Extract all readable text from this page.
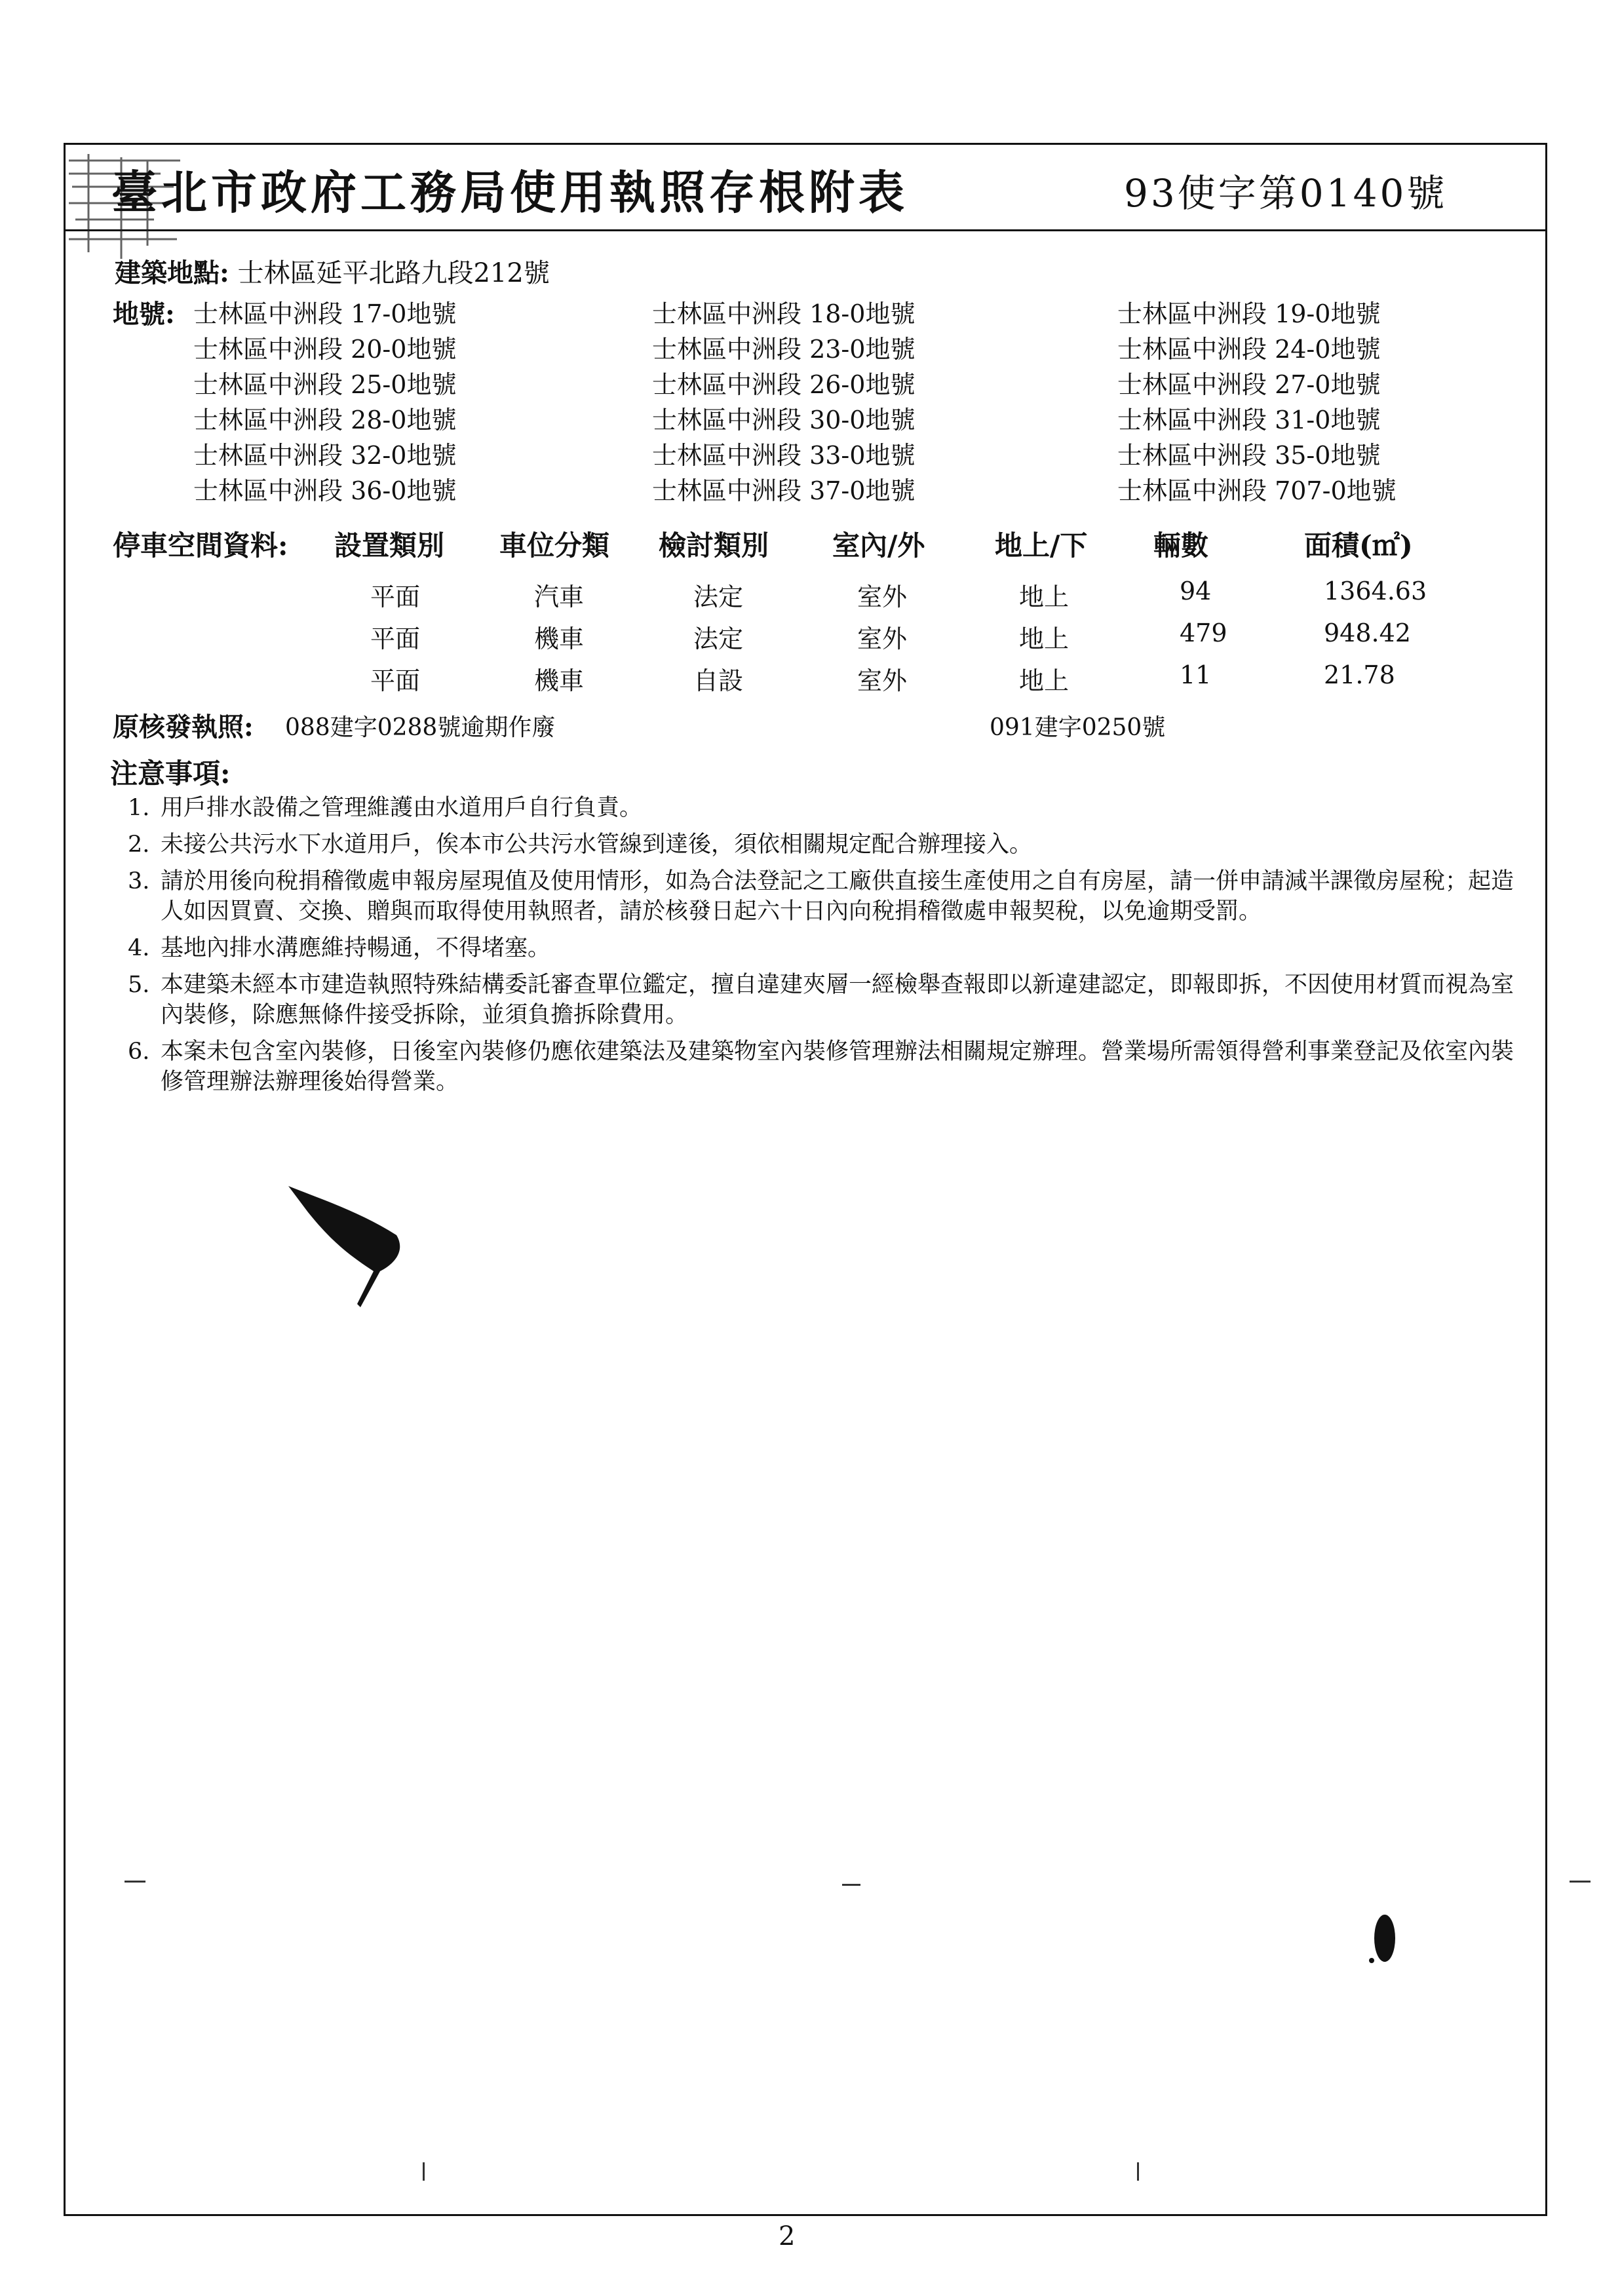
臺北市政府工務局使用執照存根附表	93使字第0140號
建築地點: 士林區延平北路九段212號
地號: 士林區中洲段 17-0地號	士林區中洲段 18-0地號	士林區中洲段 19-0地號
士林區中洲段 20-0地號	士林區中洲段 23-0地號	士林區中洲段 24-0地號
士林區中洲段 25-0地號	士林區中洲段 26-0地號	士林區中洲段 27-0地號
士林區中洲段 28-0地號	士林區中洲段 30-0地號	士林區中洲段 31-0地號
士林區中洲段 32-0地號	士林區中洲段 33-0地號	士林區中洲段 35-0地號
士林區中洲段 36-0地號	士林區中洲段 37-0地號	士林區中洲段 707-0地號
停車空間資料: 設置類別 車位分類 檢討類別 室內/外	地上/下 輛數	面積(㎡)
平面	汽車	法定	室外	地上	94	1364.63
平面	機車	法定	室外	地上	479	948.42
平面	機車	自設	室外	地上	11	21.78
原核發執照: 088建字0288號逾期作廢	091建字0250號
注意事項:
1. 用戶排水設備之管理維護由水道用戶自行負責。
2. 未接公共污水下水道用戶，俟本市公共污水管線到達後，須依相關規定配合辦理接入。
3. 請於用後向稅捐稽徵處申報房屋現值及使用情形，如為合法登記之工廠供直接生產使用之自有房屋，請一併申請減半課徵房屋稅；起造人如因買賣、交換、贈與而取得使用執照者，請於核發日起六十日內向稅捐稽徵處申報契稅，以免逾期受罰。
4. 基地內排水溝應維持暢通，不得堵塞。
5. 本建築未經本市建造執照特殊結構委託審查單位鑑定，擅自違建夾層一經檢舉查報即以新違建認定，即報即拆，不因使用材質而視為室內裝修，除應無條件接受拆除，並須負擔拆除費用。
6. 本案未包含室內裝修，日後室內裝修仍應依建築法及建築物室內裝修管理辦法相關規定辦理。營業場所需領得營利事業登記及依室內裝修管理辦法辦理後始得營業。
2
